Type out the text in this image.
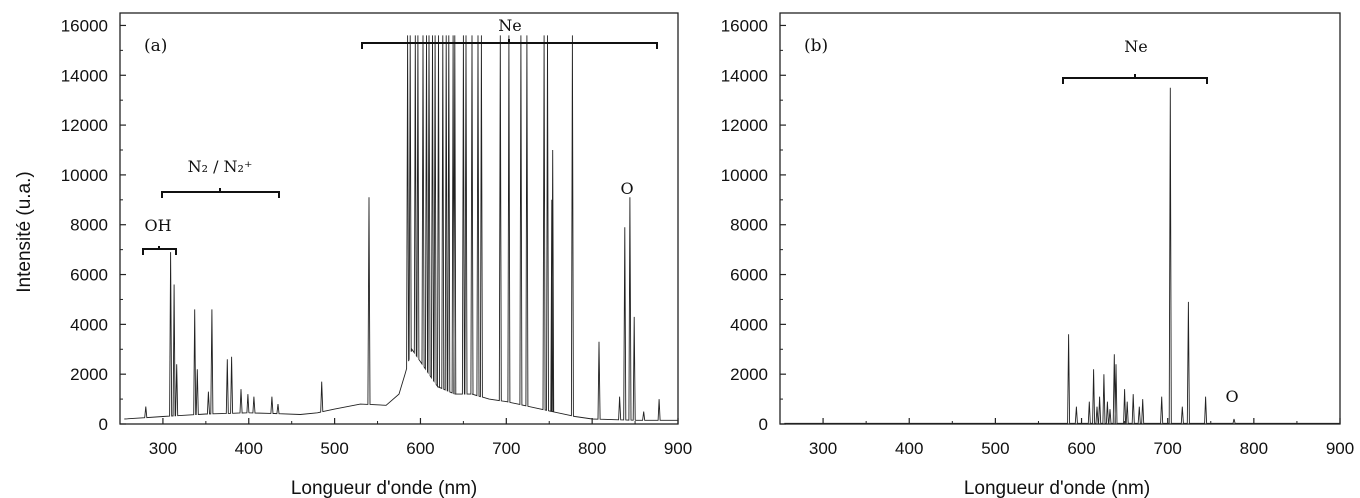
Intensité (u.a.)
(a)
Longueur d'onde (nm)
300	400	500	600	700	800	900
0
2000
4000
6000
8000
10000
12000
14000
16000
OH
N₂ / N₂⁺
Ne
O
(b)
Longueur d'onde (nm)
300	400	500	600	700	800	900
0
2000
4000
6000
8000
10000
12000
14000
16000
Ne
O
